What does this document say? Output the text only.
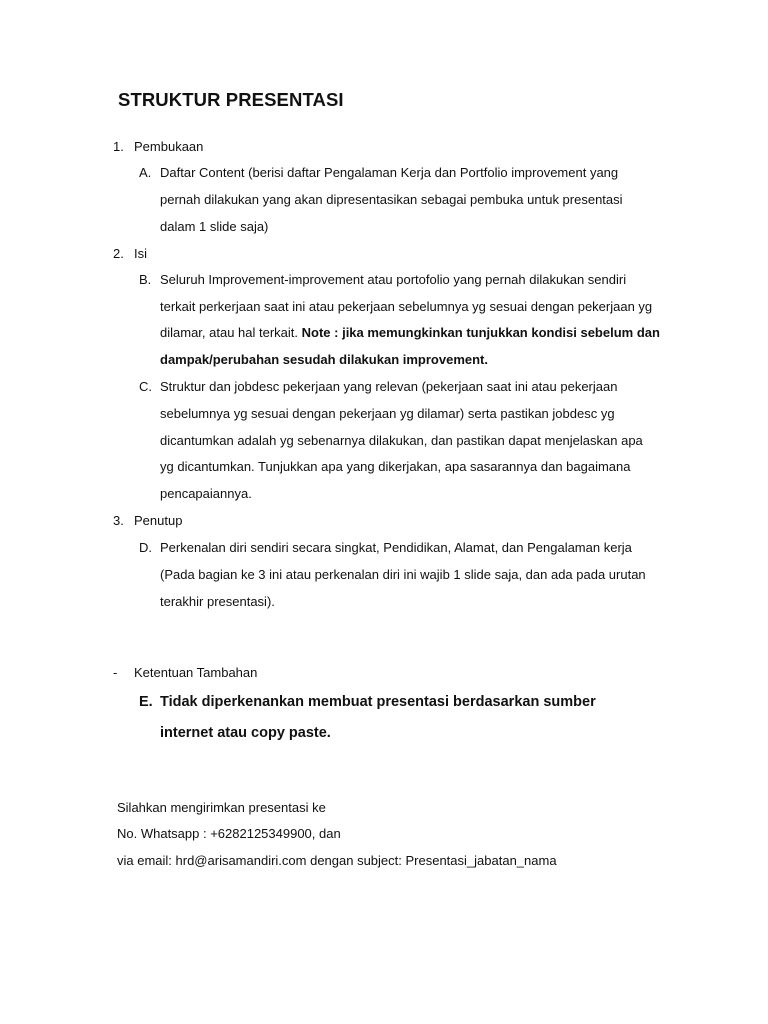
STRUKTUR PRESENTASI
1. Pembukaan
A. Daftar Content (berisi daftar Pengalaman Kerja dan Portfolio improvement yang
pernah dilakukan yang akan dipresentasikan sebagai pembuka untuk presentasi
dalam 1 slide saja)
2. Isi
B. Seluruh Improvement-improvement atau portofolio yang pernah dilakukan sendiri
terkait perkerjaan saat ini atau pekerjaan sebelumnya yg sesuai dengan pekerjaan yg
dilamar, atau hal terkait. Note : jika memungkinkan tunjukkan kondisi sebelum dan
dampak/perubahan sesudah dilakukan improvement.
C. Struktur dan jobdesc pekerjaan yang relevan (pekerjaan saat ini atau pekerjaan
sebelumnya yg sesuai dengan pekerjaan yg dilamar) serta pastikan jobdesc yg
dicantumkan adalah yg sebenarnya dilakukan, dan pastikan dapat menjelaskan apa
yg dicantumkan. Tunjukkan apa yang dikerjakan, apa sasarannya dan bagaimana
pencapaiannya.
3. Penutup
D. Perkenalan diri sendiri secara singkat, Pendidikan, Alamat, dan Pengalaman kerja
(Pada bagian ke 3 ini atau perkenalan diri ini wajib 1 slide saja, dan ada pada urutan
terakhir presentasi).
- Ketentuan Tambahan
E. Tidak diperkenankan membuat presentasi berdasarkan sumber
internet atau copy paste.
Silahkan mengirimkan presentasi ke
No. Whatsapp : +6282125349900, dan
via email: hrd@arisamandiri.com dengan subject: Presentasi_jabatan_nama
